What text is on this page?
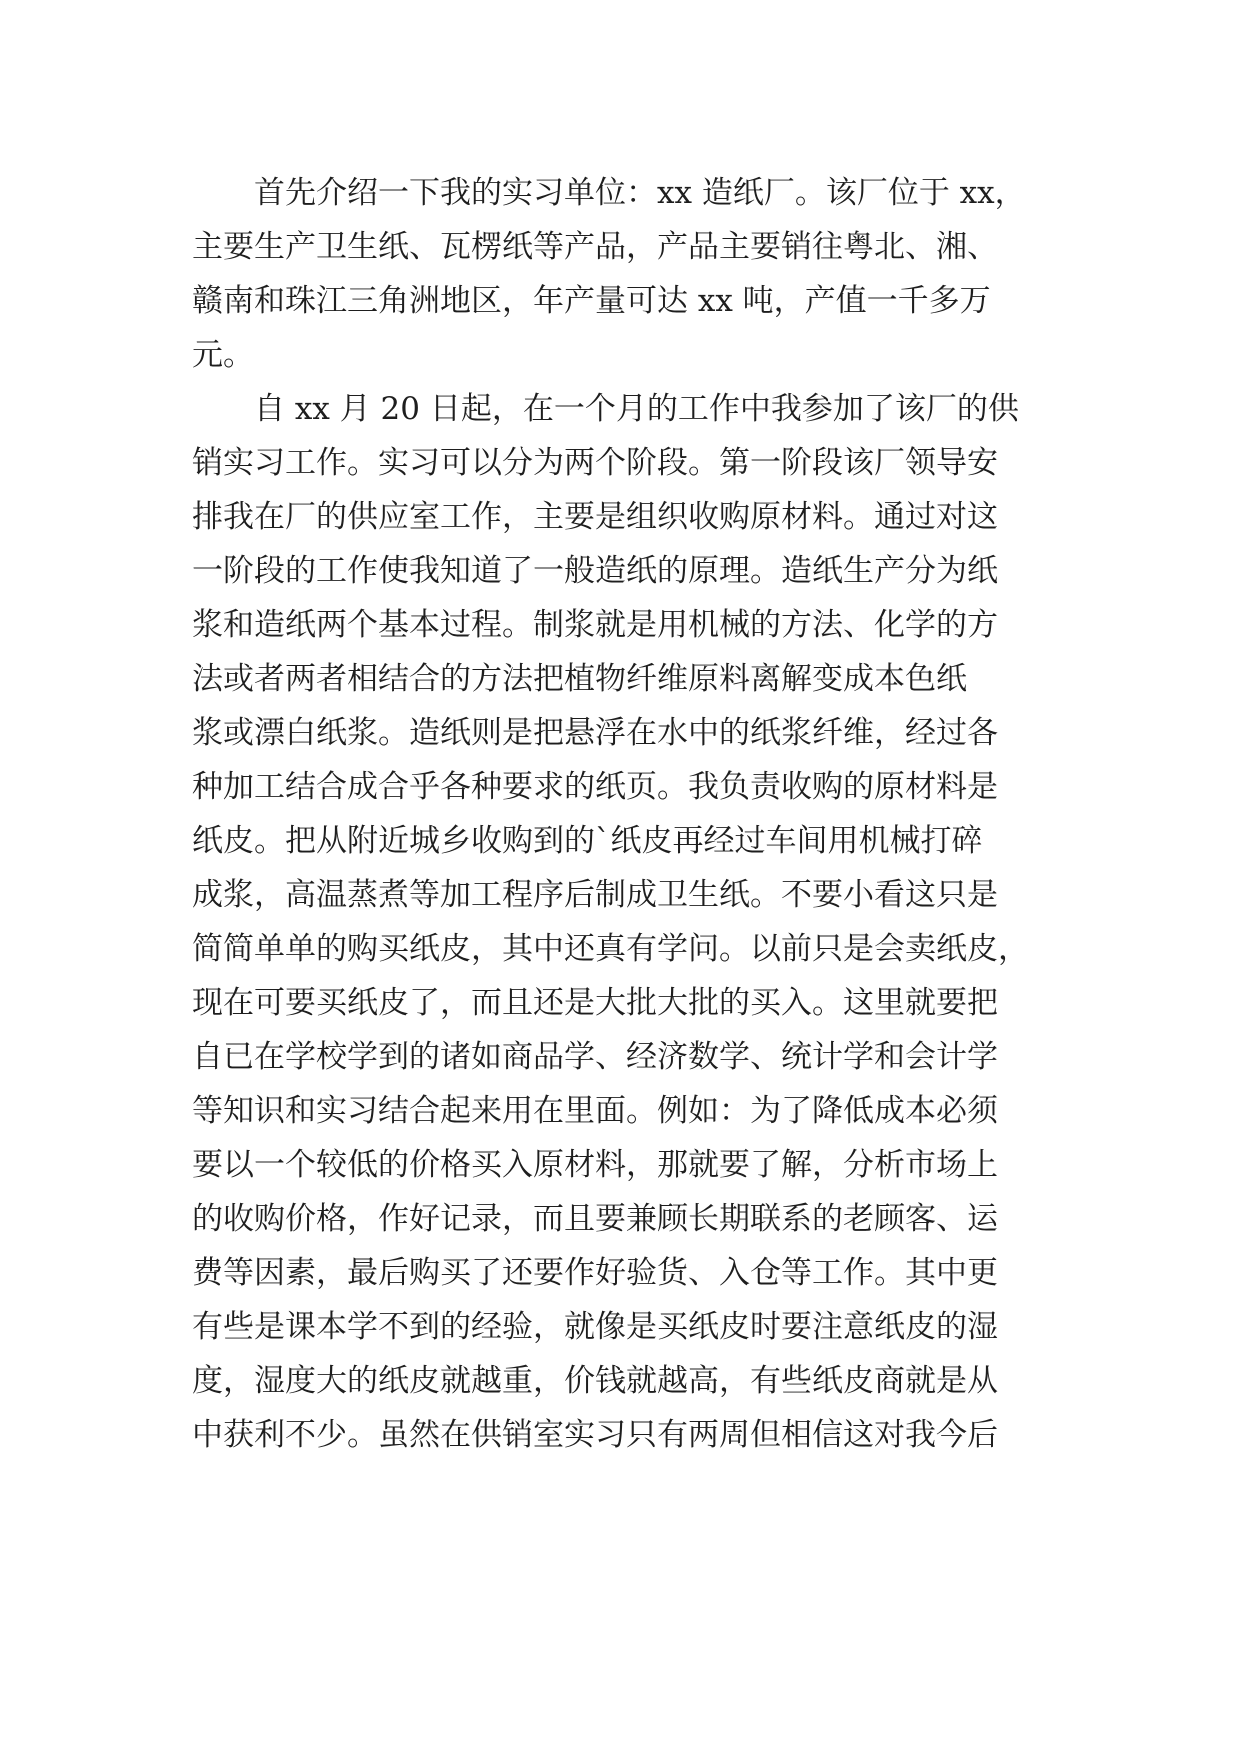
　　首先介绍一下我的实习单位：xx 造纸厂。该厂位于 xx，
主要生产卫生纸、瓦楞纸等产品，产品主要销往粤北、湘、
赣南和珠江三角洲地区，年产量可达 xx 吨，产值一千多万
元。
　　自 xx 月 20 日起，在一个月的工作中我参加了该厂的供
销实习工作。实习可以分为两个阶段。第一阶段该厂领导安
排我在厂的供应室工作，主要是组织收购原材料。通过对这
一阶段的工作使我知道了一般造纸的原理。造纸生产分为纸
浆和造纸两个基本过程。制浆就是用机械的方法、化学的方
法或者两者相结合的方法把植物纤维原料离解变成本色纸
浆或漂白纸浆。造纸则是把悬浮在水中的纸浆纤维，经过各
种加工结合成合乎各种要求的纸页。我负责收购的原材料是
纸皮。把从附近城乡收购到的`纸皮再经过车间用机械打碎
成浆，高温蒸煮等加工程序后制成卫生纸。不要小看这只是
简简单单的购买纸皮，其中还真有学问。以前只是会卖纸皮，
现在可要买纸皮了，而且还是大批大批的买入。这里就要把
自已在学校学到的诸如商品学、经济数学、统计学和会计学
等知识和实习结合起来用在里面。例如：为了降低成本必须
要以一个较低的价格买入原材料，那就要了解，分析市场上
的收购价格，作好记录，而且要兼顾长期联系的老顾客、运
费等因素，最后购买了还要作好验货、入仓等工作。其中更
有些是课本学不到的经验，就像是买纸皮时要注意纸皮的湿
度，湿度大的纸皮就越重，价钱就越高，有些纸皮商就是从
中获利不少。虽然在供销室实习只有两周但相信这对我今后
